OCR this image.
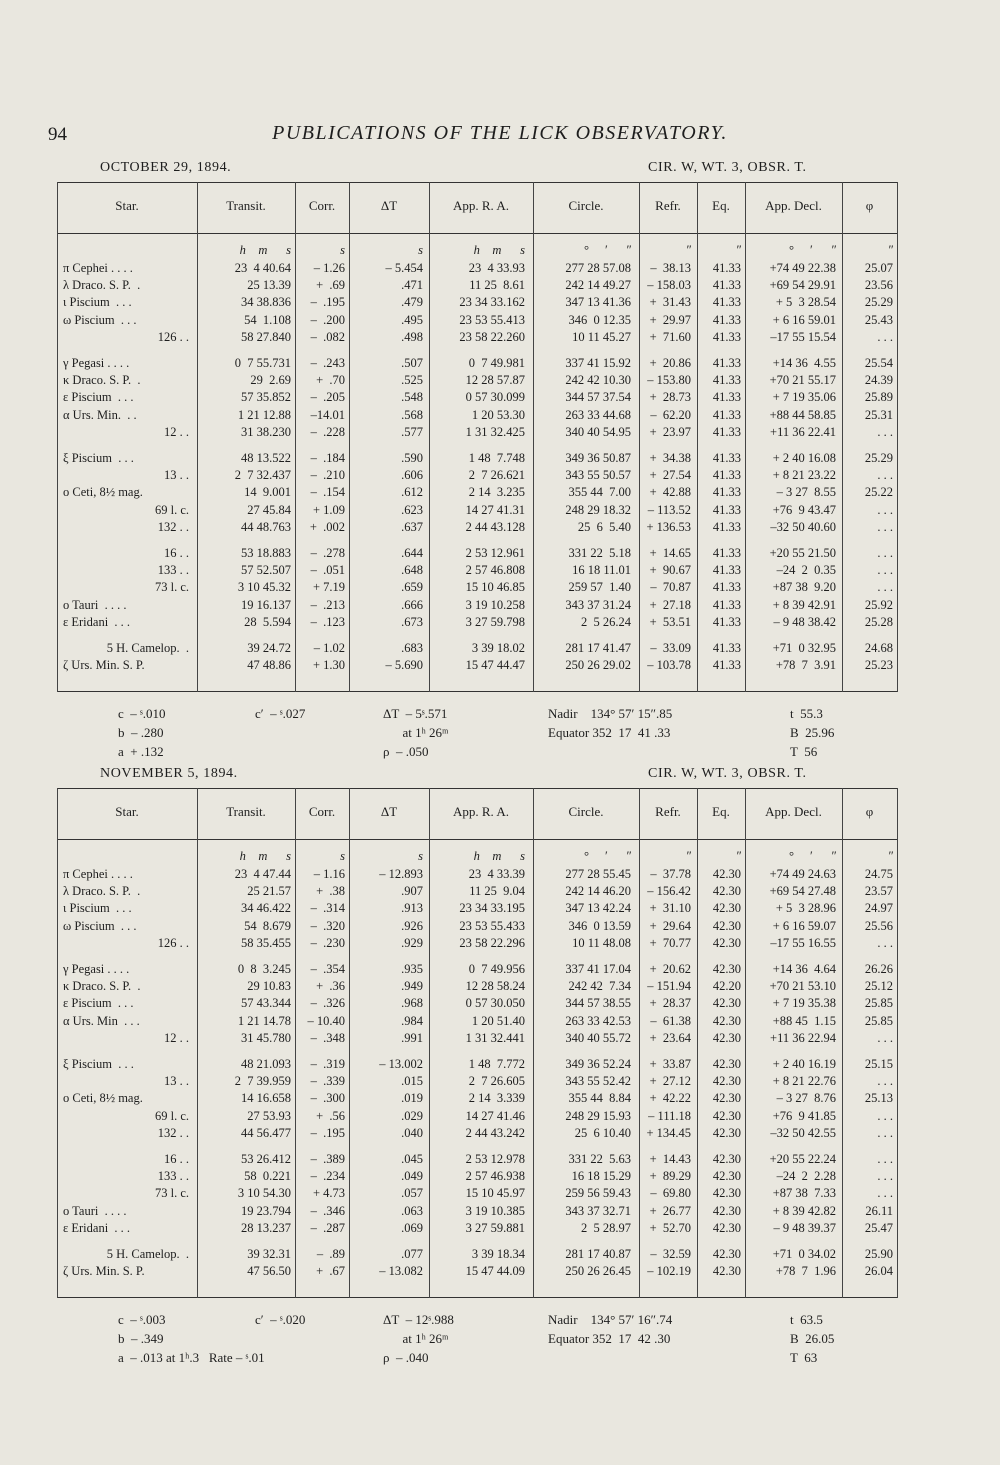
94	PUBLICATIONS OF THE LICK OBSERVATORY.
OCTOBER 29, 1894.	CIR. W, WT. 3, OBSR. T.
Star.	Transit.	Corr.	ΔT	App. R. A.	Circle.	Refr.	Eq.	App. Decl.	φ
h    m      s	s	s	h    m      s	°     ′      ″	″	″	°     ′      ″	″
π Cephei . . . .	23  4 40.64	– 1.26	– 5.454	23  4 33.93	277 28 57.08	–  38.13	41.33	+74 49 22.38	25.07
λ Draco. S. P.  .	25 13.39	+  .69	.471	11 25  8.61	242 14 49.27	– 158.03	41.33	+69 54 29.91	23.56
ι Piscium  . . .	34 38.836	–  .195	.479	23 34 33.162	347 13 41.36	+  31.43	41.33	+ 5  3 28.54	25.29
ω Piscium  . . .	54  1.108	–  .200	.495	23 53 55.413	346  0 12.35	+  29.97	41.33	+ 6 16 59.01	25.43
126 . .	58 27.840	–  .082	.498	23 58 22.260	10 11 45.27	+  71.60	41.33	–17 55 15.54	. . .
γ Pegasi . . . .	0  7 55.731	–  .243	.507	0  7 49.981	337 41 15.92	+  20.86	41.33	+14 36  4.55	25.54
κ Draco. S. P.  .	29  2.69	+  .70	.525	12 28 57.87	242 42 10.30	– 153.80	41.33	+70 21 55.17	24.39
ε Piscium  . . .	57 35.852	–  .205	.548	0 57 30.099	344 57 37.54	+  28.73	41.33	+ 7 19 35.06	25.89
α Urs. Min.  . .	1 21 12.88	–14.01	.568	1 20 53.30	263 33 44.68	–  62.20	41.33	+88 44 58.85	25.31
12 . .	31 38.230	–  .228	.577	1 31 32.425	340 40 54.95	+  23.97	41.33	+11 36 22.41	. . .
ξ Piscium  . . .	48 13.522	–  .184	.590	1 48  7.748	349 36 50.87	+  34.38	41.33	+ 2 40 16.08	25.29
13 . .	2  7 32.437	–  .210	.606	2  7 26.621	343 55 50.57	+  27.54	41.33	+ 8 21 23.22	. . .
o Ceti, 8½ mag.	14  9.001	–  .154	.612	2 14  3.235	355 44  7.00	+  42.88	41.33	– 3 27  8.55	25.22
69 l. c.	27 45.84	+ 1.09	.623	14 27 41.31	248 29 18.32	– 113.52	41.33	+76  9 43.47	. . .
132 . .	44 48.763	+  .002	.637	2 44 43.128	25  6  5.40	+ 136.53	41.33	–32 50 40.60	. . .
16 . .	53 18.883	–  .278	.644	2 53 12.961	331 22  5.18	+  14.65	41.33	+20 55 21.50	. . .
133 . .	57 52.507	–  .051	.648	2 57 46.808	16 18 11.01	+  90.67	41.33	–24  2  0.35	. . .
73 l. c.	3 10 45.32	+ 7.19	.659	15 10 46.85	259 57  1.40	–  70.87	41.33	+87 38  9.20	. . .
o Tauri  . . . .	19 16.137	–  .213	.666	3 19 10.258	343 37 31.24	+  27.18	41.33	+ 8 39 42.91	25.92
ε Eridani  . . .	28  5.594	–  .123	.673	3 27 59.798	2  5 26.24	+  53.51	41.33	– 9 48 38.42	25.28
5 H. Camelop.  .	39 24.72	– 1.02	.683	3 39 18.02	281 17 41.47	–  33.09	41.33	+71  0 32.95	24.68
ζ Urs. Min. S. P.	47 48.86	+ 1.30	– 5.690	15 47 44.47	250 26 29.02	– 103.78	41.33	+78  7  3.91	25.23
c  – ˢ.010
b  – .280
a  + .132
c′  – ˢ.027	ΔT  – 5ˢ.571
at 1ʰ 26ᵐ
ρ  – .050
Nadir    134° 57′ 15″.85
Equator 352  17  41 .33
t  55.3
B  25.96
T  56
NOVEMBER 5, 1894.	CIR. W, WT. 3, OBSR. T.
Star.	Transit.	Corr.	ΔT	App. R. A.	Circle.	Refr.	Eq.	App. Decl.	φ
h    m      s	s	s	h    m      s	°     ′      ″	″	″	°     ′      ″	″
π Cephei . . . .	23  4 47.44	– 1.16	– 12.893	23  4 33.39	277 28 55.45	–  37.78	42.30	+74 49 24.63	24.75
λ Draco. S. P.  .	25 21.57	+  .38	.907	11 25  9.04	242 14 46.20	– 156.42	42.30	+69 54 27.48	23.57
ι Piscium  . . .	34 46.422	–  .314	.913	23 34 33.195	347 13 42.24	+  31.10	42.30	+ 5  3 28.96	24.97
ω Piscium  . . .	54  8.679	–  .320	.926	23 53 55.433	346  0 13.59	+  29.64	42.30	+ 6 16 59.07	25.56
126 . .	58 35.455	–  .230	.929	23 58 22.296	10 11 48.08	+  70.77	42.30	–17 55 16.55	. . .
γ Pegasi . . . .	0  8  3.245	–  .354	.935	0  7 49.956	337 41 17.04	+  20.62	42.30	+14 36  4.64	26.26
κ Draco. S. P.  .	29 10.83	+  .36	.949	12 28 58.24	242 42  7.34	– 151.94	42.20	+70 21 53.10	25.12
ε Piscium  . . .	57 43.344	–  .326	.968	0 57 30.050	344 57 38.55	+  28.37	42.30	+ 7 19 35.38	25.85
α Urs. Min  . . .	1 21 14.78	– 10.40	.984	1 20 51.40	263 33 42.53	–  61.38	42.30	+88 45  1.15	25.85
12 . .	31 45.780	–  .348	.991	1 31 32.441	340 40 55.72	+  23.64	42.30	+11 36 22.94	. . .
ξ Piscium  . . .	48 21.093	–  .319	– 13.002	1 48  7.772	349 36 52.24	+  33.87	42.30	+ 2 40 16.19	25.15
13 . .	2  7 39.959	–  .339	.015	2  7 26.605	343 55 52.42	+  27.12	42.30	+ 8 21 22.76	. . .
o Ceti, 8½ mag.	14 16.658	–  .300	.019	2 14  3.339	355 44  8.84	+  42.22	42.30	– 3 27  8.76	25.13
69 l. c.	27 53.93	+  .56	.029	14 27 41.46	248 29 15.93	– 111.18	42.30	+76  9 41.85	. . .
132 . .	44 56.477	–  .195	.040	2 44 43.242	25  6 10.40	+ 134.45	42.30	–32 50 42.55	. . .
16 . .	53 26.412	–  .389	.045	2 53 12.978	331 22  5.63	+  14.43	42.30	+20 55 22.24	. . .
133 . .	58  0.221	–  .234	.049	2 57 46.938	16 18 15.29	+  89.29	42.30	–24  2  2.28	. . .
73 l. c.	3 10 54.30	+ 4.73	.057	15 10 45.97	259 56 59.43	–  69.80	42.30	+87 38  7.33	. . .
o Tauri  . . . .	19 23.794	–  .346	.063	3 19 10.385	343 37 32.71	+  26.77	42.30	+ 8 39 42.82	26.11
ε Eridani  . . .	28 13.237	–  .287	.069	3 27 59.881	2  5 28.97	+  52.70	42.30	– 9 48 39.37	25.47
5 H. Camelop.  .	39 32.31	–  .89	.077	3 39 18.34	281 17 40.87	–  32.59	42.30	+71  0 34.02	25.90
ζ Urs. Min. S. P.	47 56.50	+  .67	– 13.082	15 47 44.09	250 26 26.45	– 102.19	42.30	+78  7  1.96	26.04
c  – ˢ.003
b  – .349
a  – .013 at 1ʰ.3   Rate – ˢ.01
c′  – ˢ.020	ΔT  – 12ˢ.988
at 1ʰ 26ᵐ
ρ  – .040
Nadir    134° 57′ 16″.74
Equator 352  17  42 .30
t  63.5
B  26.05
T  63
